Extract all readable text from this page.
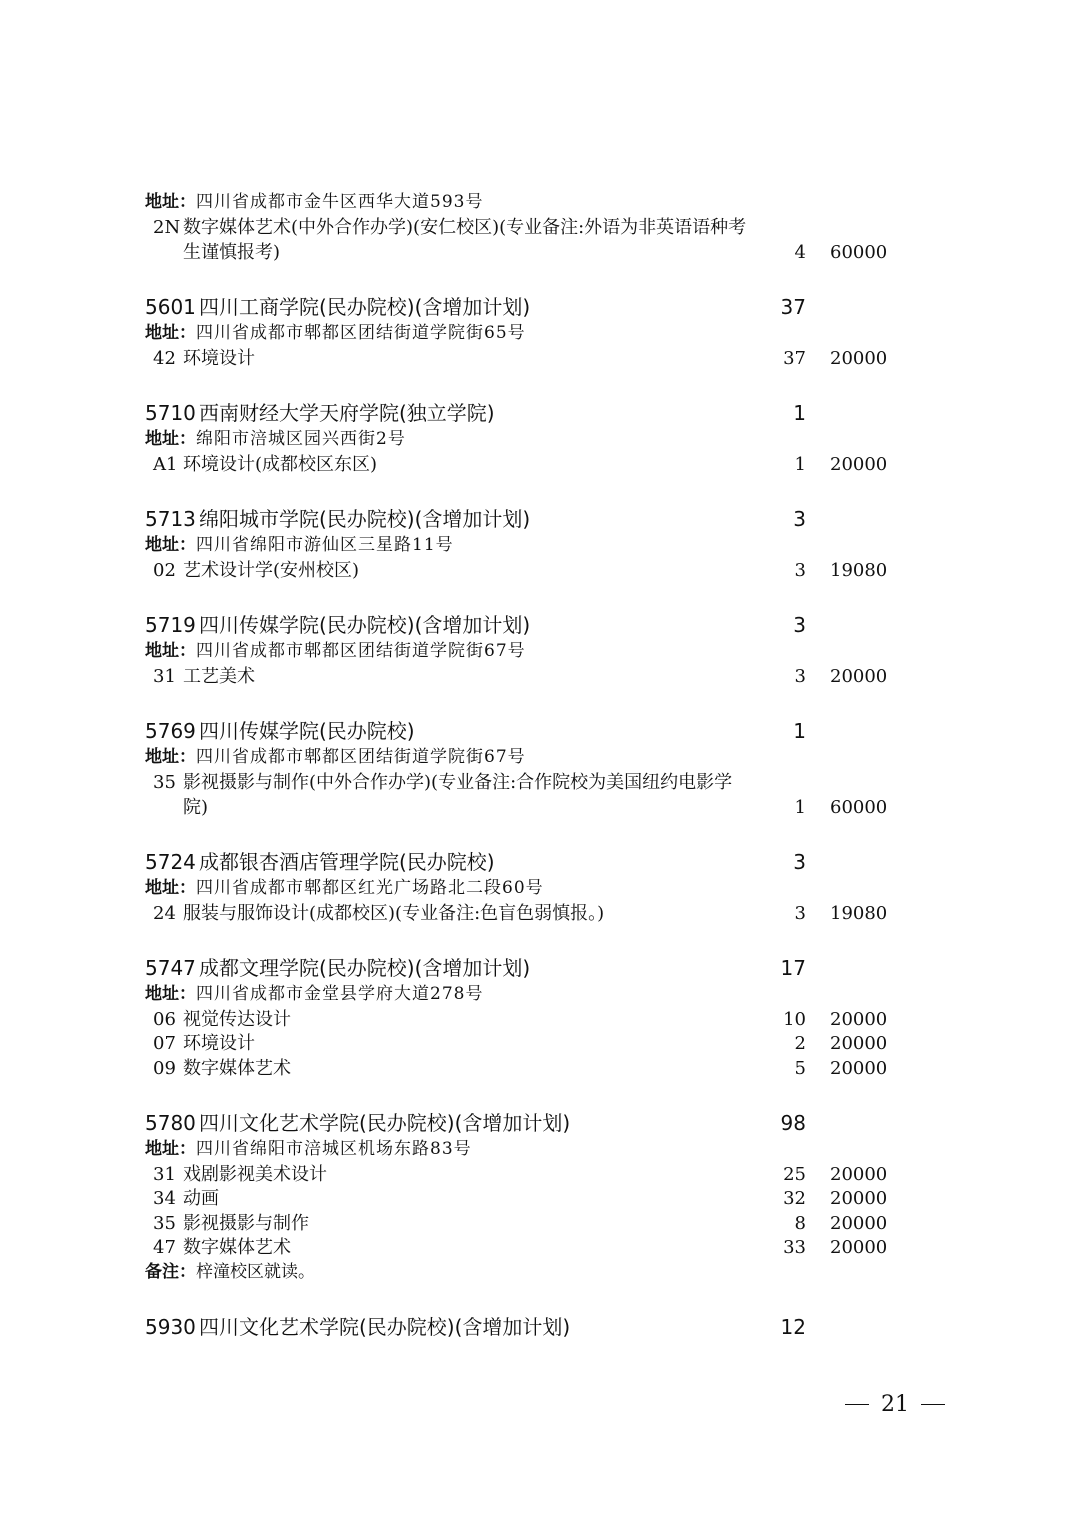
地址：四川省成都市金牛区西华大道593号
2N 数字媒体艺术(中外合作办学)(安仁校区)(专业备注:外语为非英语语种考
生谨慎报考)	4 60000
5601 四川工商学院(民办院校)(含增加计划)	37
地址：四川省成都市郫都区团结街道学院街65号
42 环境设计	37 20000
5710 西南财经大学天府学院(独立学院)	1
地址：绵阳市涪城区园兴西街2号
A1 环境设计(成都校区东区)	1 20000
5713 绵阳城市学院(民办院校)(含增加计划)	3
地址：四川省绵阳市游仙区三星路11号
02 艺术设计学(安州校区)	3 19080
5719 四川传媒学院(民办院校)(含增加计划)	3
地址：四川省成都市郫都区团结街道学院街67号
31 工艺美术	3 20000
5769 四川传媒学院(民办院校)	1
地址：四川省成都市郫都区团结街道学院街67号
35 影视摄影与制作(中外合作办学)(专业备注:合作院校为美国纽约电影学
院)	1 60000
5724 成都银杏酒店管理学院(民办院校)	3
地址：四川省成都市郫都区红光广场路北二段60号
24 服装与服饰设计(成都校区)(专业备注:色盲色弱慎报。)	3 19080
5747 成都文理学院(民办院校)(含增加计划)	17
地址：四川省成都市金堂县学府大道278号
06 视觉传达设计	10 20000
07 环境设计	2 20000
09 数字媒体艺术	5 20000
5780 四川文化艺术学院(民办院校)(含增加计划)	98
地址：四川省绵阳市涪城区机场东路83号
31 戏剧影视美术设计	25 20000
34 动画	32 20000
35 影视摄影与制作	8 20000
47 数字媒体艺术	33 20000
备注：梓潼校区就读。
5930 四川文化艺术学院(民办院校)(含增加计划)	12
21
